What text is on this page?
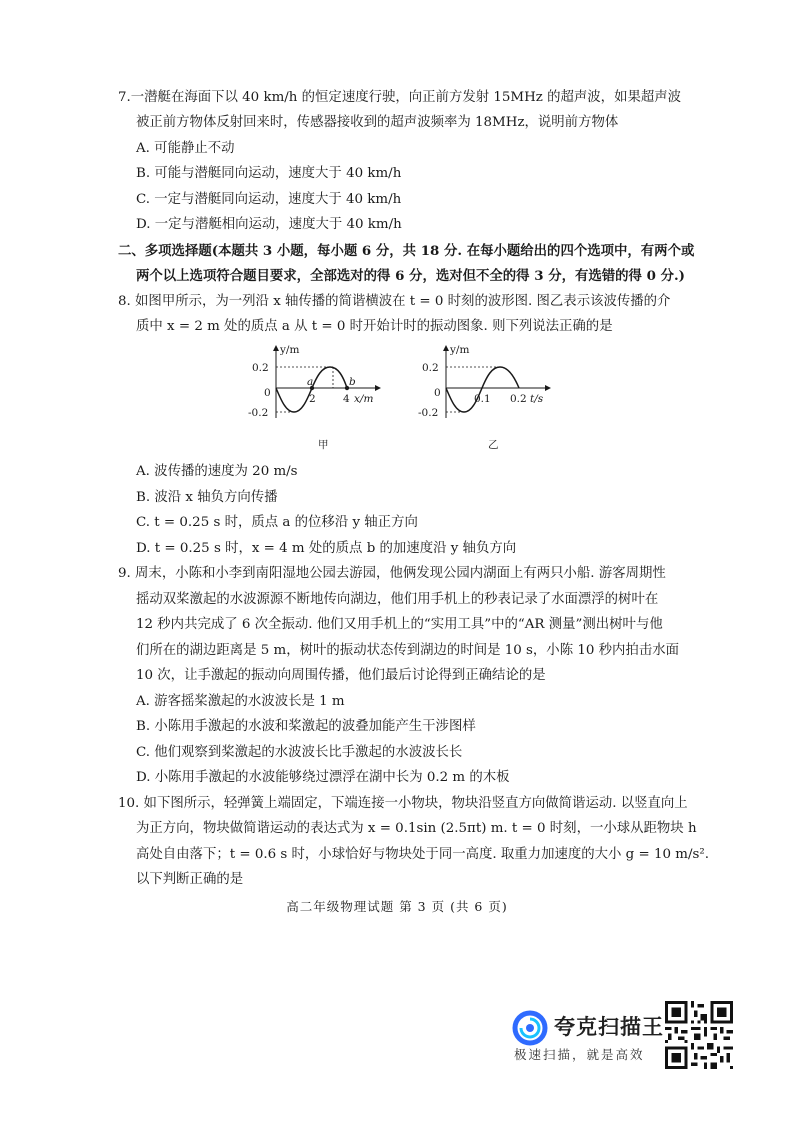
7.一潜艇在海面下以 40 km/h 的恒定速度行驶，向正前方发射 15MHz 的超声波，如果超声波
被正前方物体反射回来时，传感器接收到的超声波频率为 18MHz，说明前方物体
A. 可能静止不动
B. 可能与潜艇同向运动，速度大于 40 km/h
C. 一定与潜艇同向运动，速度大于 40 km/h
D. 一定与潜艇相向运动，速度大于 40 km/h
二、多项选择题(本题共 3 小题，每小题 6 分，共 18 分. 在每小题给出的四个选项中，有两个或
两个以上选项符合题目要求，全部选对的得 6 分，选对但不全的得 3 分，有选错的得 0 分.)
8. 如图甲所示，为一列沿 x 轴传播的简谐横波在 t = 0 时刻的波形图. 图乙表示该波传播的介
质中 x = 2 m 处的质点 a 从 t = 0 时开始计时的振动图象. 则下列说法正确的是
y/m
0.2
0
-0.2
a	b
2	4 x/m
甲
y/m
0.2
0
-0.2
0.1 0.2 t/s
乙
A. 波传播的速度为 20 m/s
B. 波沿 x 轴负方向传播
C. t = 0.25 s 时，质点 a 的位移沿 y 轴正方向
D. t = 0.25 s 时，x = 4 m 处的质点 b 的加速度沿 y 轴负方向
9. 周末，小陈和小李到南阳湿地公园去游园，他俩发现公园内湖面上有两只小船. 游客周期性
摇动双桨激起的水波源源不断地传向湖边，他们用手机上的秒表记录了水面漂浮的树叶在
12 秒内共完成了 6 次全振动. 他们又用手机上的“实用工具”中的“AR 测量”测出树叶与他
们所在的湖边距离是 5 m，树叶的振动状态传到湖边的时间是 10 s，小陈 10 秒内拍击水面
10 次，让手激起的振动向周围传播，他们最后讨论得到正确结论的是
A. 游客摇桨激起的水波波长是 1 m
B. 小陈用手激起的水波和桨激起的波叠加能产生干涉图样
C. 他们观察到桨激起的水波波长比手激起的水波波长长
D. 小陈用手激起的水波能够绕过漂浮在湖中长为 0.2 m 的木板
10. 如下图所示，轻弹簧上端固定，下端连接一小物块，物块沿竖直方向做简谐运动. 以竖直向上
为正方向，物块做简谐运动的表达式为 x = 0.1sin (2.5πt) m. t = 0 时刻，一小球从距物块 h
高处自由落下；t = 0.6 s 时，小球恰好与物块处于同一高度. 取重力加速度的大小 g = 10 m/s².
以下判断正确的是
高二年级物理试题 第 3 页 (共 6 页)
夸克扫描王
极速扫描，就是高效
